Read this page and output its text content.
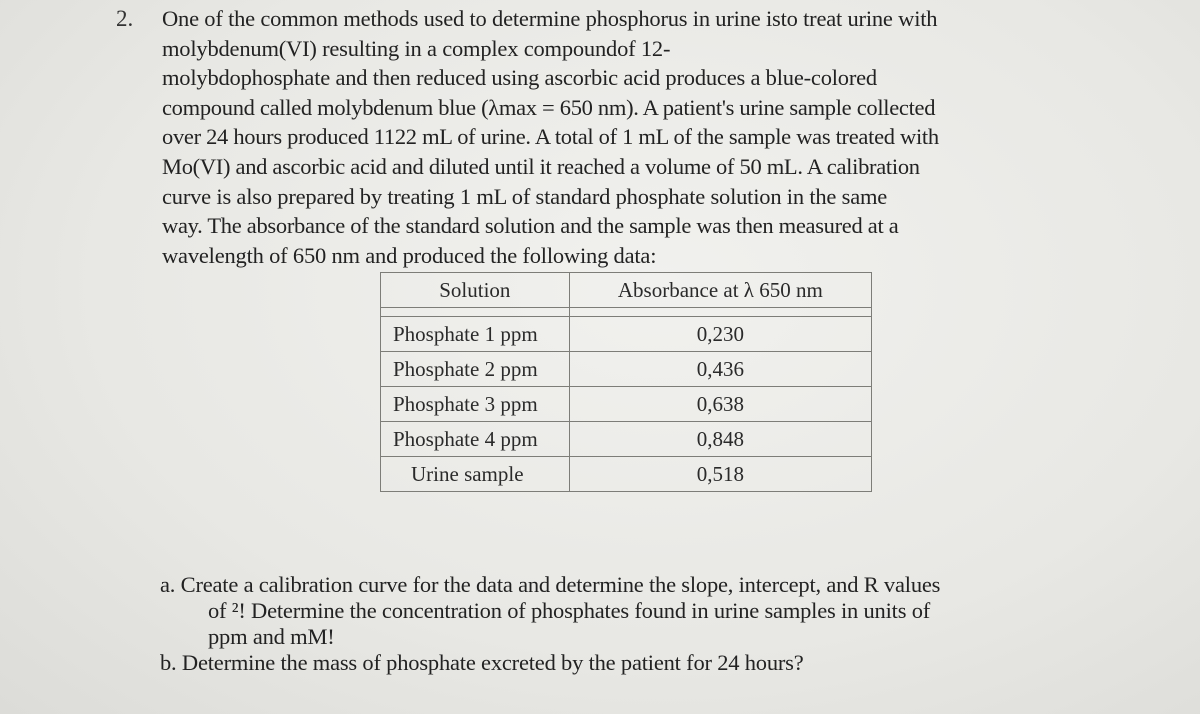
2. One of the common methods used to determine phosphorus in urine isto treat urine with
molybdenum(VI) resulting in a complex compoundof 12-
molybdophosphate and then reduced using ascorbic acid produces a blue-colored
compound called molybdenum blue (λmax = 650 nm). A patient's urine sample collected
over 24 hours produced 1122 mL of urine. A total of 1 mL of the sample was treated with
Mo(VI) and ascorbic acid and diluted until it reached a volume of 50 mL. A calibration
curve is also prepared by treating 1 mL of standard phosphate solution in the same
way. The absorbance of the standard solution and the sample was then measured at a
wavelength of 650 nm and produced the following data:
Solution	Absorbance at λ 650 nm

Phosphate 1 ppm	0,230
Phosphate 2 ppm	0,436
Phosphate 3 ppm	0,638
Phosphate 4 ppm	0,848
Urine sample	0,518
a. Create a calibration curve for the data and determine the slope, intercept, and R values
of ²! Determine the concentration of phosphates found in urine samples in units of
ppm and mM!
b. Determine the mass of phosphate excreted by the patient for 24 hours?
